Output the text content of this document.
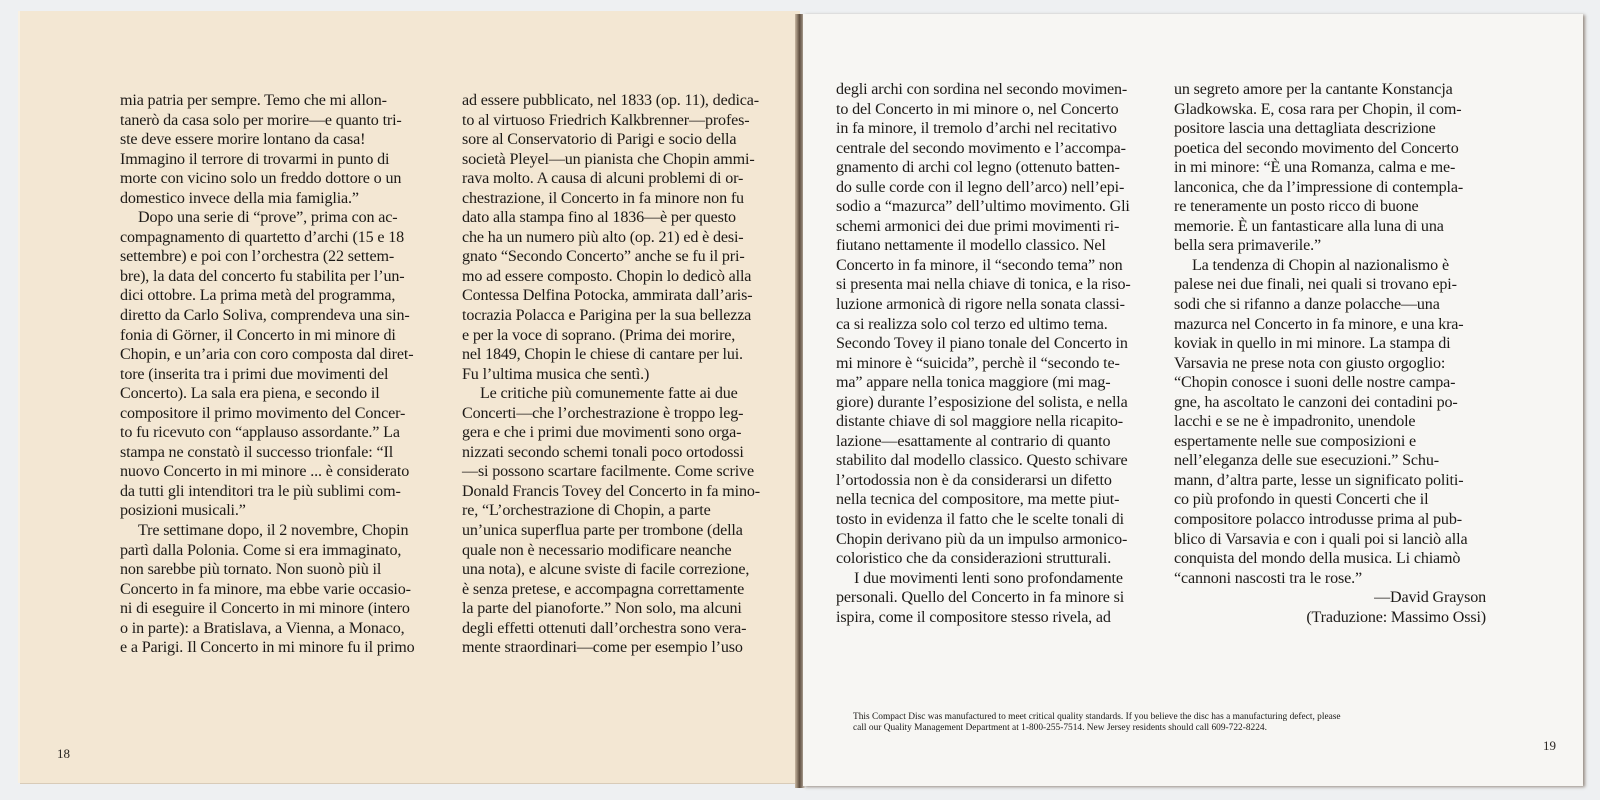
mia patria per sempre. Temo che mi allon-
tanerò da casa solo per morire—e quanto tri-
ste deve essere morire lontano da casa!
Immagino il terrore di trovarmi in punto di
morte con vicino solo un freddo dottore o un
domestico invece della mia famiglia.”
Dopo una serie di “prove”, prima con ac-
compagnamento di quartetto d’archi (15 e 18
settembre) e poi con l’orchestra (22 settem-
bre), la data del concerto fu stabilita per l’un-
dici ottobre. La prima metà del programma,
diretto da Carlo Soliva, comprendeva una sin-
fonia di Görner, il Concerto in mi minore di
Chopin, e un’aria con coro composta dal diret-
tore (inserita tra i primi due movimenti del
Concerto). La sala era piena, e secondo il
compositore il primo movimento del Concer-
to fu ricevuto con “applauso assordante.” La
stampa ne constatò il successo trionfale: “Il
nuovo Concerto in mi minore ... è considerato
da tutti gli intenditori tra le più sublimi com-
posizioni musicali.”
Tre settimane dopo, il 2 novembre, Chopin
partì dalla Polonia. Come si era immaginato,
non sarebbe più tornato. Non suonò più il
Concerto in fa minore, ma ebbe varie occasio-
ni di eseguire il Concerto in mi minore (intero
o in parte): a Bratislava, a Vienna, a Monaco,
e a Parigi. Il Concerto in mi minore fu il primo
ad essere pubblicato, nel 1833 (op. 11), dedica-
to al virtuoso Friedrich Kalkbrenner—profes-
sore al Conservatorio di Parigi e socio della
società Pleyel—un pianista che Chopin ammi-
rava molto. A causa di alcuni problemi di or-
chestrazione, il Concerto in fa minore non fu
dato alla stampa fino al 1836—è per questo
che ha un numero più alto (op. 21) ed è desi-
gnato “Secondo Concerto” anche se fu il pri-
mo ad essere composto. Chopin lo dedicò alla
Contessa Delfina Potocka, ammirata dall’aris-
tocrazia Polacca e Parigina per la sua bellezza
e per la voce di soprano. (Prima dei morire,
nel 1849, Chopin le chiese di cantare per lui.
Fu l’ultima musica che sentì.)
Le critiche più comunemente fatte ai due
Concerti—che l’orchestrazione è troppo leg-
gera e che i primi due movimenti sono orga-
nizzati secondo schemi tonali poco ortodossi
—si possono scartare facilmente. Come scrive
Donald Francis Tovey del Concerto in fa mino-
re, “L’orchestrazione di Chopin, a parte
un’unica superflua parte per trombone (della
quale non è necessario modificare neanche
una nota), e alcune sviste di facile correzione,
è senza pretese, e accompagna correttamente
la parte del pianoforte.” Non solo, ma alcuni
degli effetti ottenuti dall’orchestra sono vera-
mente straordinari—come per esempio l’uso
degli archi con sordina nel secondo movimen-
to del Concerto in mi minore o, nel Concerto
in fa minore, il tremolo d’archi nel recitativo
centrale del secondo movimento e l’accompa-
gnamento di archi col legno (ottenuto batten-
do sulle corde con il legno dell’arco) nell’epi-
sodio a “mazurca” dell’ultimo movimento. Gli
schemi armonici dei due primi movimenti ri-
fiutano nettamente il modello classico. Nel
Concerto in fa minore, il “secondo tema” non
si presenta mai nella chiave di tonica, e la riso-
luzione armonicà di rigore nella sonata classi-
ca si realizza solo col terzo ed ultimo tema.
Secondo Tovey il piano tonale del Concerto in
mi minore è “suicida”, perchè il “secondo te-
ma” appare nella tonica maggiore (mi mag-
giore) durante l’esposizione del solista, e nella
distante chiave di sol maggiore nella ricapito-
lazione—esattamente al contrario di quanto
stabilito dal modello classico. Questo schivare
l’ortodossia non è da considerarsi un difetto
nella tecnica del compositore, ma mette piut-
tosto in evidenza il fatto che le scelte tonali di
Chopin derivano più da un impulso armonico-
coloristico che da considerazioni strutturali.
I due movimenti lenti sono profondamente
personali. Quello del Concerto in fa minore si
ispira, come il compositore stesso rivela, ad
un segreto amore per la cantante Konstancja
Gladkowska. E, cosa rara per Chopin, il com-
positore lascia una dettagliata descrizione
poetica del secondo movimento del Concerto
in mi minore: “È una Romanza, calma e me-
lanconica, che da l’impressione di contempla-
re teneramente un posto ricco di buone
memorie. È un fantasticare alla luna di una
bella sera primaverile.”
La tendenza di Chopin al nazionalismo è
palese nei due finali, nei quali si trovano epi-
sodi che si rifanno a danze polacche—una
mazurca nel Concerto in fa minore, e una kra-
koviak in quello in mi minore. La stampa di
Varsavia ne prese nota con giusto orgoglio:
“Chopin conosce i suoni delle nostre campa-
gne, ha ascoltato le canzoni dei contadini po-
lacchi e se ne è impadronito, unendole
espertamente nelle sue composizioni e
nell’eleganza delle sue esecuzioni.” Schu-
mann, d’altra parte, lesse un significato politi-
co più profondo in questi Concerti che il
compositore polacco introdusse prima al pub-
blico di Varsavia e con i quali poi si lanciò alla
conquista del mondo della musica. Li chiamò
“cannoni nascosti tra le rose.”
—David Grayson
(Traduzione: Massimo Ossi)
18
19
This Compact Disc was manufactured to meet critical quality standards. If you believe the disc has a manufacturing defect, please
call our Quality Management Department at 1-800-255-7514. New Jersey residents should call 609-722-8224.
